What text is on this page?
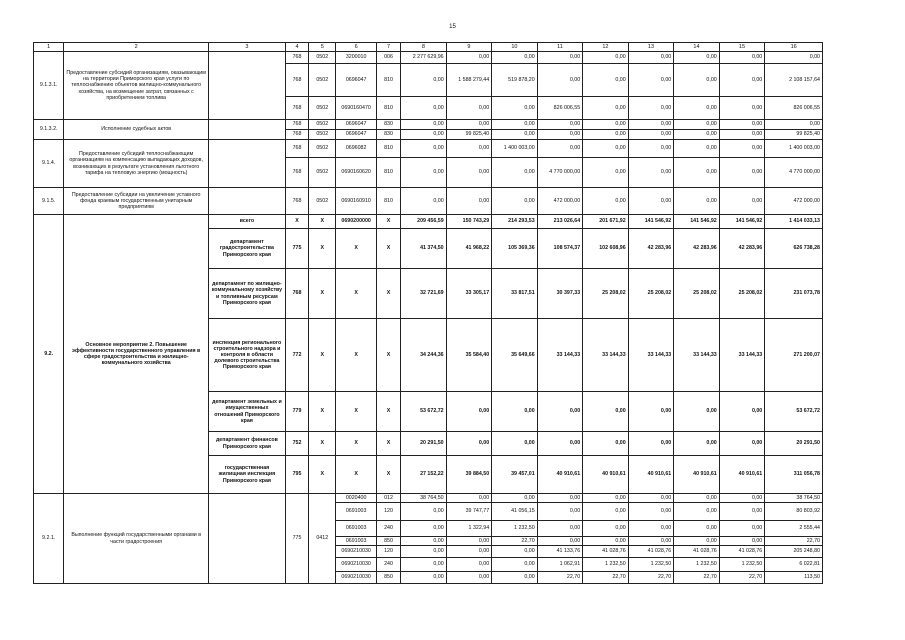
15
1	2	3	4	5	6	7	8	9	10	11	12	13	14	15	16
9.1.3.1.	Предоставление субсидий организациям, оказывающим на территории Приморского края услуги по теплоснабжению объектов жилищно-коммунального хозяйства, на возмещение затрат, связанных с приобретением топлива		768	0502	3200010	006	2 277 629,96	0,00	0,00	0,00	0,00	0,00	0,00	0,00	0,00
			768	0502	0696047	810	0,00	1 588 279,44	519 878,20	0,00	0,00	0,00	0,00	0,00	2 108 157,64
			768	0502	0690160470	810	0,00	0,00	0,00	826 006,55	0,00	0,00	0,00	0,00	826 006,55
9.1.3.2.	Исполнение судебных актов		768	0502	0696047	830	0,00	0,00	0,00	0,00	0,00	0,00	0,00	0,00	0,00
			768	0502	0696047	830	0,00	99 825,40	0,00	0,00	0,00	0,00	0,00	0,00	99 825,40
9.1.4.	Предоставление субсидий теплоснабжающим организациям на компенсацию выпадающих доходов, возникающих в результате установления льготного тарифа на тепловую энергию (мощность)		768	0502	0696082	810	0,00	0,00	1 400 003,00	0,00	0,00	0,00	0,00	0,00	1 400 003,00
			768	0502	0690160620	810	0,00	0,00	0,00	4 770 000,00	0,00	0,00	0,00	0,00	4 770 000,00
9.1.5.	Предоставление субсидии на увеличение уставного фонда краевым государственным унитарным предприятиям		768	0502	0690160910	810	0,00	0,00	0,00	472 000,00	0,00	0,00	0,00	0,00	472 000,00
9.2.	Основное мероприятие 2. Повышение эффективности государственного управления в сфере градостроительства и жилищно-коммунального хозяйства	всего	X	X	0690200000	X	209 456,59	150 743,29	214 293,53	213 026,64	201 671,92	141 546,92	141 546,92	141 546,92	1 414 033,13
		департамент градостроительства Приморского края	775	X	X	X	41 374,50	41 968,22	105 369,36	108 574,37	102 608,96	42 283,96	42 283,96	42 283,96	626 738,28
		департамент по жилищно-коммунальному хозяйству и топливным ресурсам Приморского края	768	X	X	X	32 721,69	33 305,17	33 817,51	30 397,33	25 208,02	25 208,02	25 208,02	25 208,02	231 073,78
		инспекция регионального строительного надзора и контроля в области долевого строительства Приморского края	772	X	X	X	34 244,36	35 584,40	35 649,66	33 144,33	33 144,33	33 144,33	33 144,33	33 144,33	271 200,07
		департамент земельных и имущественных отношений Приморского края	779	X	X	X	53 672,72	0,00	0,00	0,00	0,00	0,00	0,00	0,00	53 672,72
		департамент финансов Приморского края	752	X	X	X	20 291,50	0,00	0,00	0,00	0,00	0,00	0,00	0,00	20 291,50
		государственная жилищная инспекция Приморского края	795	X	X	X	27 152,22	39 884,50	39 457,01	40 910,61	40 910,61	40 910,61	40 910,61	40 910,61	311 056,78
9.2.1.	Выполнение функций государственными органами в части градостроения		775	0412	0020400	012	38 764,50	0,00	0,00	0,00	0,00	0,00	0,00	0,00	38 764,50
					0691003	120	0,00	39 747,77	41 056,15	0,00	0,00	0,00	0,00	0,00	80 803,92
					0691003	240	0,00	1 322,94	1 232,50	0,00	0,00	0,00	0,00	0,00	2 555,44
					0691003	850	0,00	0,00	22,70	0,00	0,00	0,00	0,00	0,00	22,70
					0690210030	120	0,00	0,00	0,00	41 133,76	41 028,76	41 028,76	41 028,76	41 028,76	205 248,80
					0690210030	240	0,00	0,00	0,00	1 062,91	1 232,50	1 232,50	1 232,50	1 232,50	6 022,81
					0690210030	850	0,00	0,00	0,00	22,70	22,70	22,70	22,70	22,70	113,50
